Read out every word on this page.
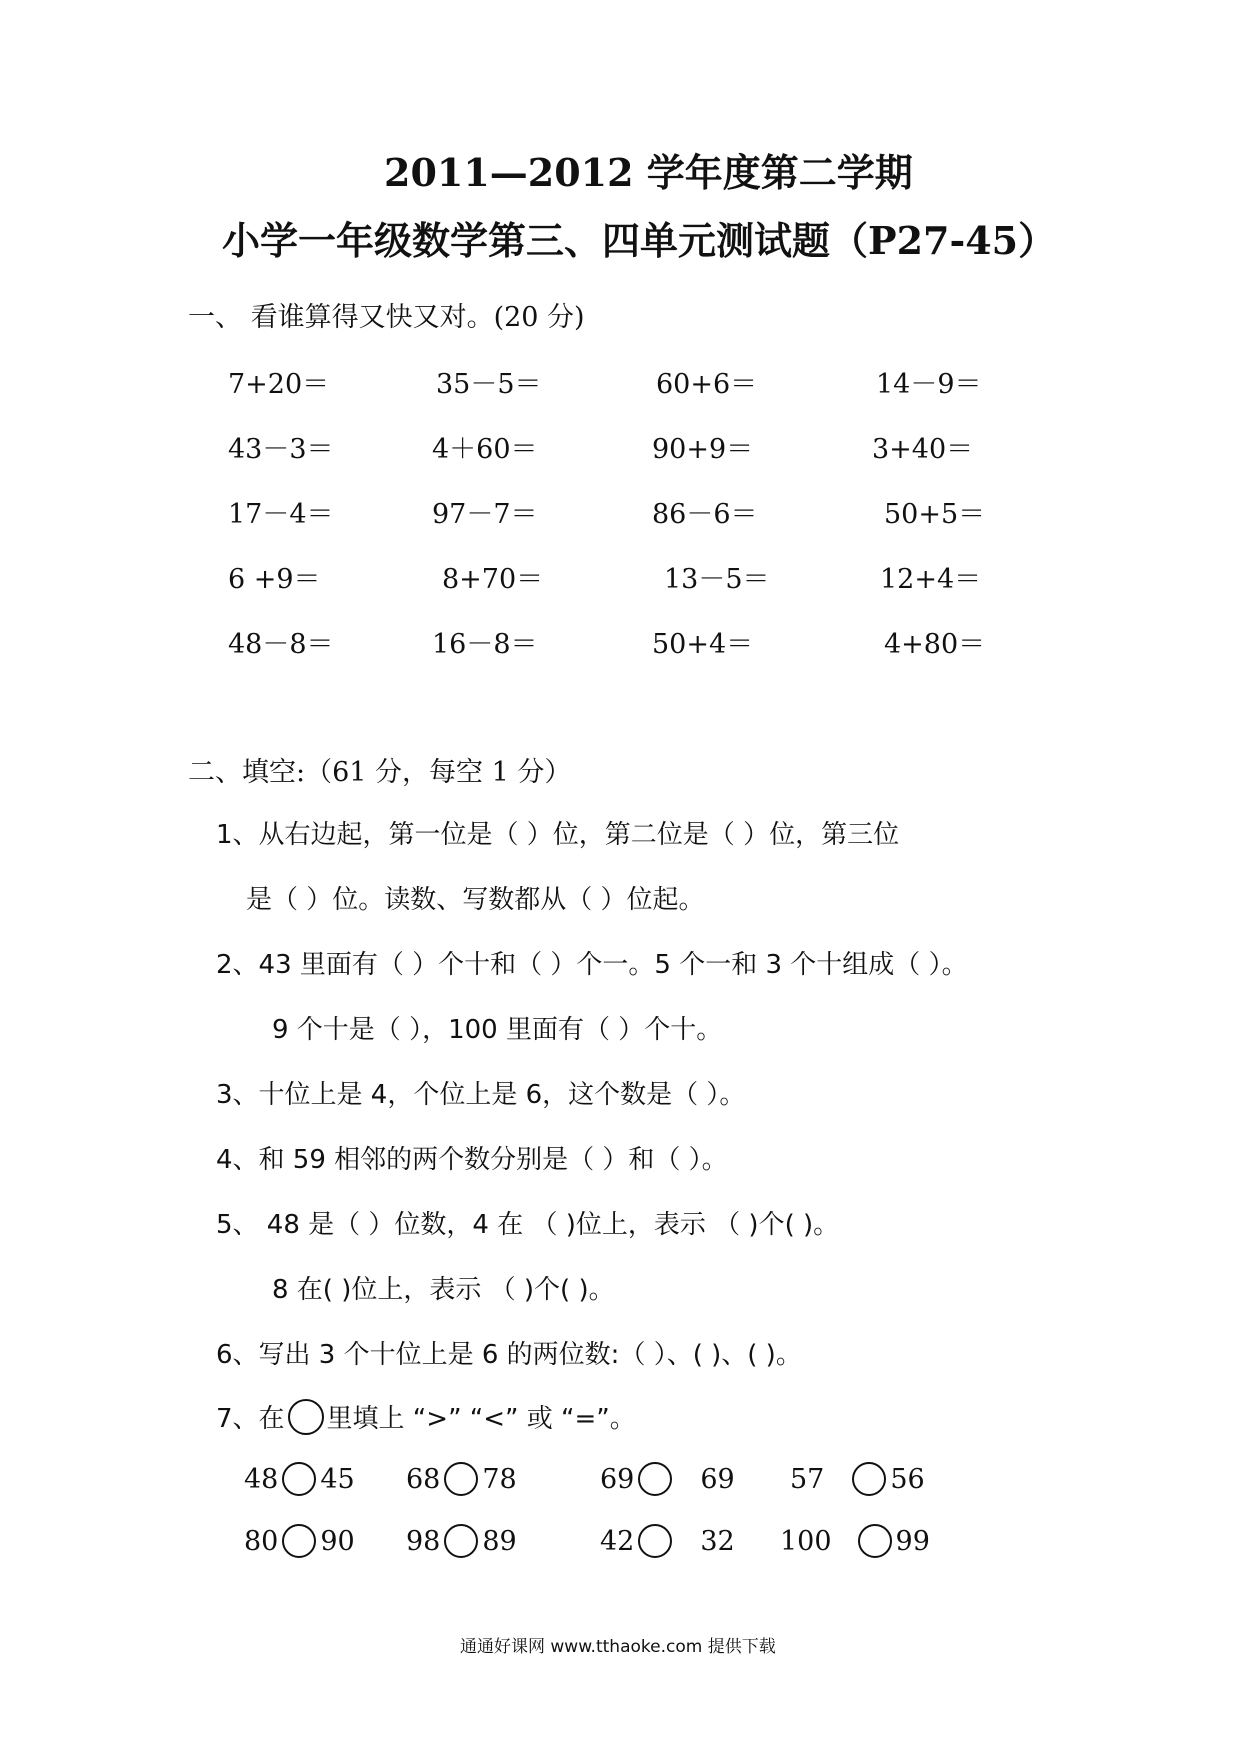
2011—2012 学年度第二学期
小学一年级数学第三、四单元测试题（P27-45）
一、 看谁算得又快又对。(20 分)
7+20＝	35－5＝	60+6＝	14－9＝
43－3＝	4＋60＝	90+9＝	3+40＝
17－4＝	97－7＝	86－6＝	50+5＝
6 +9＝	8+70＝	13－5＝	12+4＝
48－8＝	16－8＝	50+4＝	4+80＝
二、填空:（61 分，每空 1 分）
1、从右边起，第一位是（ ）位，第二位是（ ）位，第三位
是（ ）位。读数、写数都从（ ）位起。
2、43 里面有（ ）个十和（ ）个一。5 个一和 3 个十组成（ ）。
9 个十是（ ），100 里面有（ ）个十。
3、十位上是 4，个位上是 6，这个数是（ ）。
4、和 59 相邻的两个数分别是（ ）和（ ）。
5、 48 是（ ）位数，4 在 （ )位上，表示 （ )个( )。
8 在( )位上，表示 （ )个( )。
6、写出 3 个十位上是 6 的两位数:（ ）、( )、( )。
7、在 里填上 “>” “<” 或 “=”。
48 45 68 78	69 69 57 56
80 90 98 89	42 32 100 99
通通好课网 www.tthaoke.com 提供下载
